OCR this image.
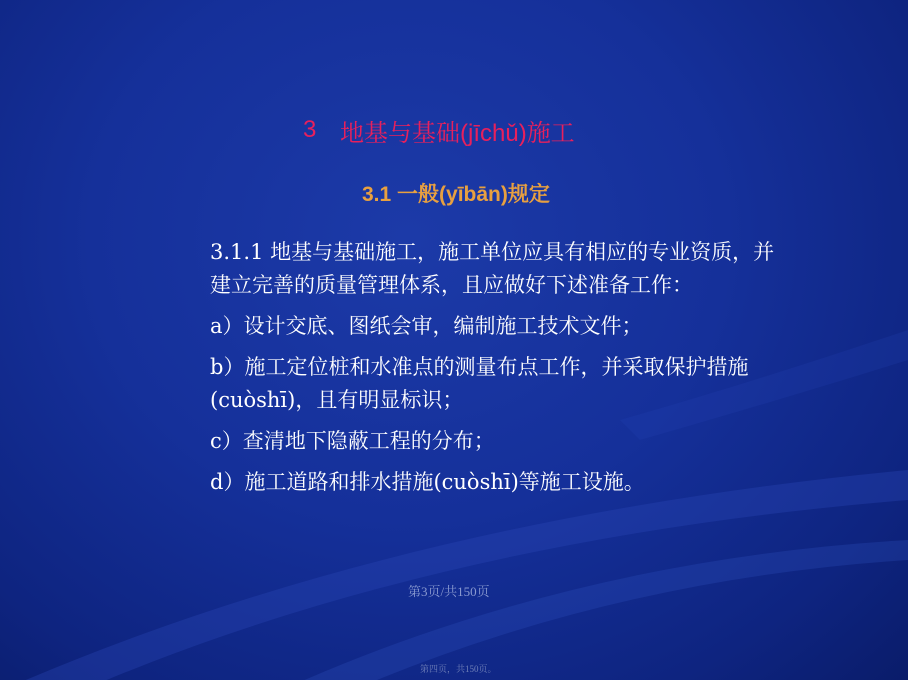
3 地基与基础(jīchǔ)施工
3.1 一般(yībān)规定

3.1.1 地基与基础施工，施工单位应具有相应的专业资质，并建立完善的质量管理体系，且应做好下述准备工作：

a）设计交底、图纸会审，编制施工技术文件；

b）施工定位桩和水准点的测量布点工作，并采取保护措施(cuòshī)，且有明显标识；

c）查清地下隐蔽工程的分布；

d）施工道路和排水措施(cuòshī)等施工设施。

第3页/共150页
第四页，共150页。
